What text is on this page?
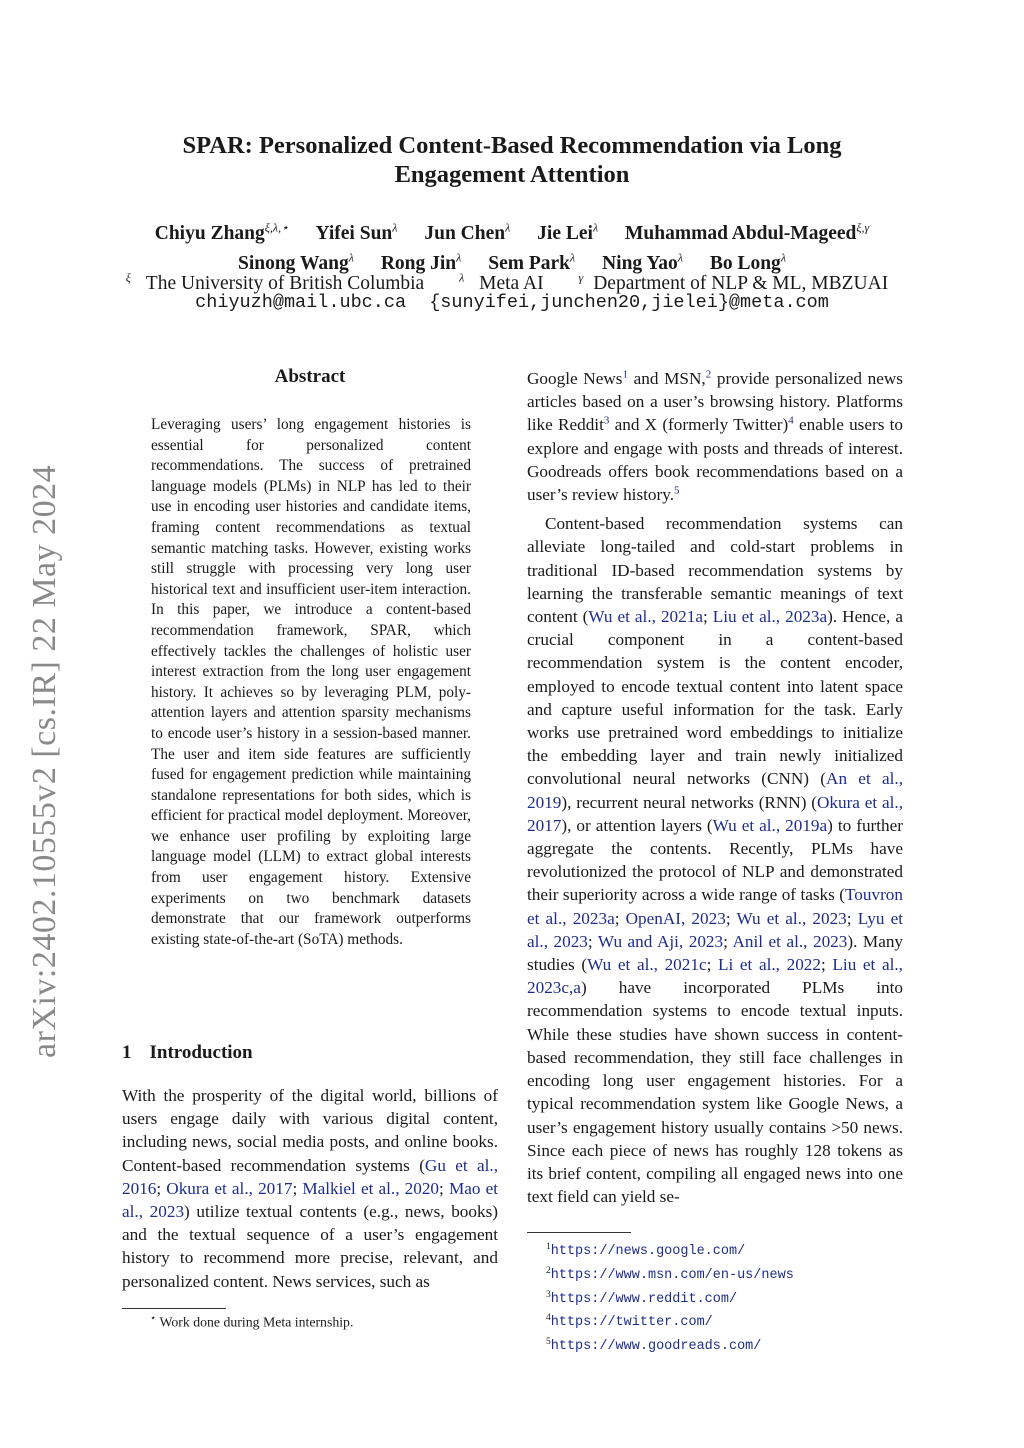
arXiv:2402.10555v2 [cs.IR] 22 May 2024
SPAR: Personalized Content-Based Recommendation via Long
Engagement Attention
Chiyu Zhang$^{\xi,\lambda,⋆}$ Yifei Sun$^\lambda$ Jun Chen$^\lambda$ Jie Lei$^\lambda$ Muhammad Abdul-Mageed$^{\xi,\gamma}$
Sinong Wang$^\lambda$ Rong Jin$^\lambda$ Sem Park$^\lambda$ Ning Yao$^\lambda$ Bo Long$^\lambda$
$^\xi$ The University of British Columbia	$^\lambda$ Meta AI	$^\gamma$ Department of NLP & ML, MBZUAI
chiyuzh@mail.ubc.ca {sunyifei,junchen20,jielei}@meta.com
Abstract
Leveraging users’ long engagement histories is essential for personalized content recommendations. The success of pretrained language models (PLMs) in NLP has led to their use in encoding user histories and candidate items, framing content recommendations as textual semantic matching tasks. However, existing works still struggle with processing very long user historical text and insufficient user-item interaction. In this paper, we introduce a content-based recommendation framework, SPAR, which effectively tackles the challenges of holistic user interest extraction from the long user engagement history. It achieves so by leveraging PLM, poly-attention layers and attention sparsity mechanisms to encode user’s history in a session-based manner. The user and item side features are sufficiently fused for engagement prediction while maintaining standalone representations for both sides, which is efficient for practical model deployment. Moreover, we enhance user profiling by exploiting large language model (LLM) to extract global interests from user engagement history. Extensive experiments on two benchmark datasets demonstrate that our framework outperforms existing state-of-the-art (SoTA) methods.
1 Introduction
With the prosperity of the digital world, billions of users engage daily with various digital content, including news, social media posts, and online books. Content-based recommendation systems (Gu et al., 2016; Okura et al., 2017; Malkiel et al., 2020; Mao et al., 2023) utilize textual contents (e.g., news, books) and the textual sequence of a user’s engagement history to recommend more precise, relevant, and personalized content. News services, such as

Google News$^1$ and MSN,$^2$ provide personalized news articles based on a user’s browsing history. Platforms like Reddit$^3$ and X (formerly Twitter)$^4$ enable users to explore and engage with posts and threads of interest. Goodreads offers book recommendations based on a user’s review history.$^5$

Content-based recommendation systems can alleviate long-tailed and cold-start problems in traditional ID-based recommendation systems by learning the transferable semantic meanings of text content (Wu et al., 2021a; Liu et al., 2023a). Hence, a crucial component in a content-based recommendation system is the content encoder, employed to encode textual content into latent space and capture useful information for the task. Early works use pretrained word embeddings to initialize the embedding layer and train newly initialized convolutional neural networks (CNN) (An et al., 2019), recurrent neural networks (RNN) (Okura et al., 2017), or attention layers (Wu et al., 2019a) to further aggregate the contents. Recently, PLMs have revolutionized the protocol of NLP and demonstrated their superiority across a wide range of tasks (Touvron et al., 2023a; OpenAI, 2023; Wu et al., 2023; Lyu et al., 2023; Wu and Aji, 2023; Anil et al., 2023). Many studies (Wu et al., 2021c; Li et al., 2022; Liu et al., 2023c,a) have incorporated PLMs into recommendation systems to encode textual inputs. While these studies have shown success in content-based recommendation, they still face challenges in encoding long user engagement histories. For a typical recommendation system like Google News, a user’s engagement history usually contains >50 news. Since each piece of news has roughly 128 tokens as its brief content, compiling all engaged news into one text field can yield se-

⋆ Work done during Meta internship.
$^1$https://news.google.com/
$^2$https://www.msn.com/en-us/news
$^3$https://www.reddit.com/
$^4$https://twitter.com/
$^5$https://www.goodreads.com/
